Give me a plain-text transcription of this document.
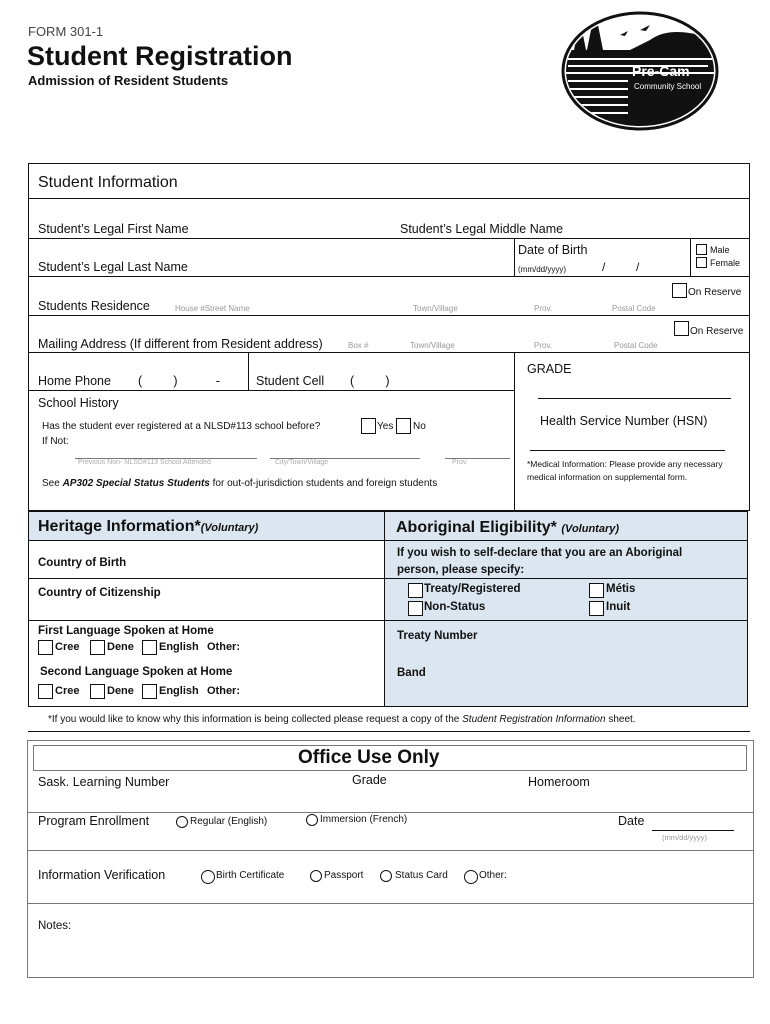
FORM 301-1
Student Registration
Admission of Resident Students
Pre-Cam
Community School
Student Information
Student’s Legal First Name	Student’s Legal Middle Name
Student’s Legal Last Name
Date of Birth
(mm/dd/yyyy)	/	/
Male
Female
Students Residence	House #Street Name	Town/Village	Prov.	Postal Code
On Reserve
Mailing Address (If different from Resident address)	Box #	Town/Village	Prov.	Postal Code
On Reserve
Home Phone (         )           -	Student Cell (         )
GRADE
Health Service Number (HSN)
*Medical Information: Please provide any necessary medical information on supplemental form.
School History
Has the student ever registered at a NLSD#113 school before?	Yes No
If Not:
Previous Non- NLSD#113 School Attended	City/Town/Village	Prov.
See AP302 Special Status Students for out-of-jurisdiction students and foreign students
Heritage Information*(Voluntary)	Aboriginal Eligibility* (Voluntary)
Country of Birth
Country of Citizenship
If you wish to self-declare that you are an Aboriginal person, please specify:
Treaty/Registered	Métis
Non-Status	Inuit
First Language Spoken at Home
Cree	Dene English Other:
Second Language Spoken at Home
Cree	Dene English Other:
Treaty Number
Band
*If you would like to know why this information is being collected please request a copy of the Student Registration Information sheet.
Office Use Only
Sask. Learning Number	Grade	Homeroom
Program Enrollment	Regular (English)	Immersion (French)	Date
(mm/dd/yyyy)
Information Verification	Birth Certificate	Passport	Status Card	Other:
Notes:
